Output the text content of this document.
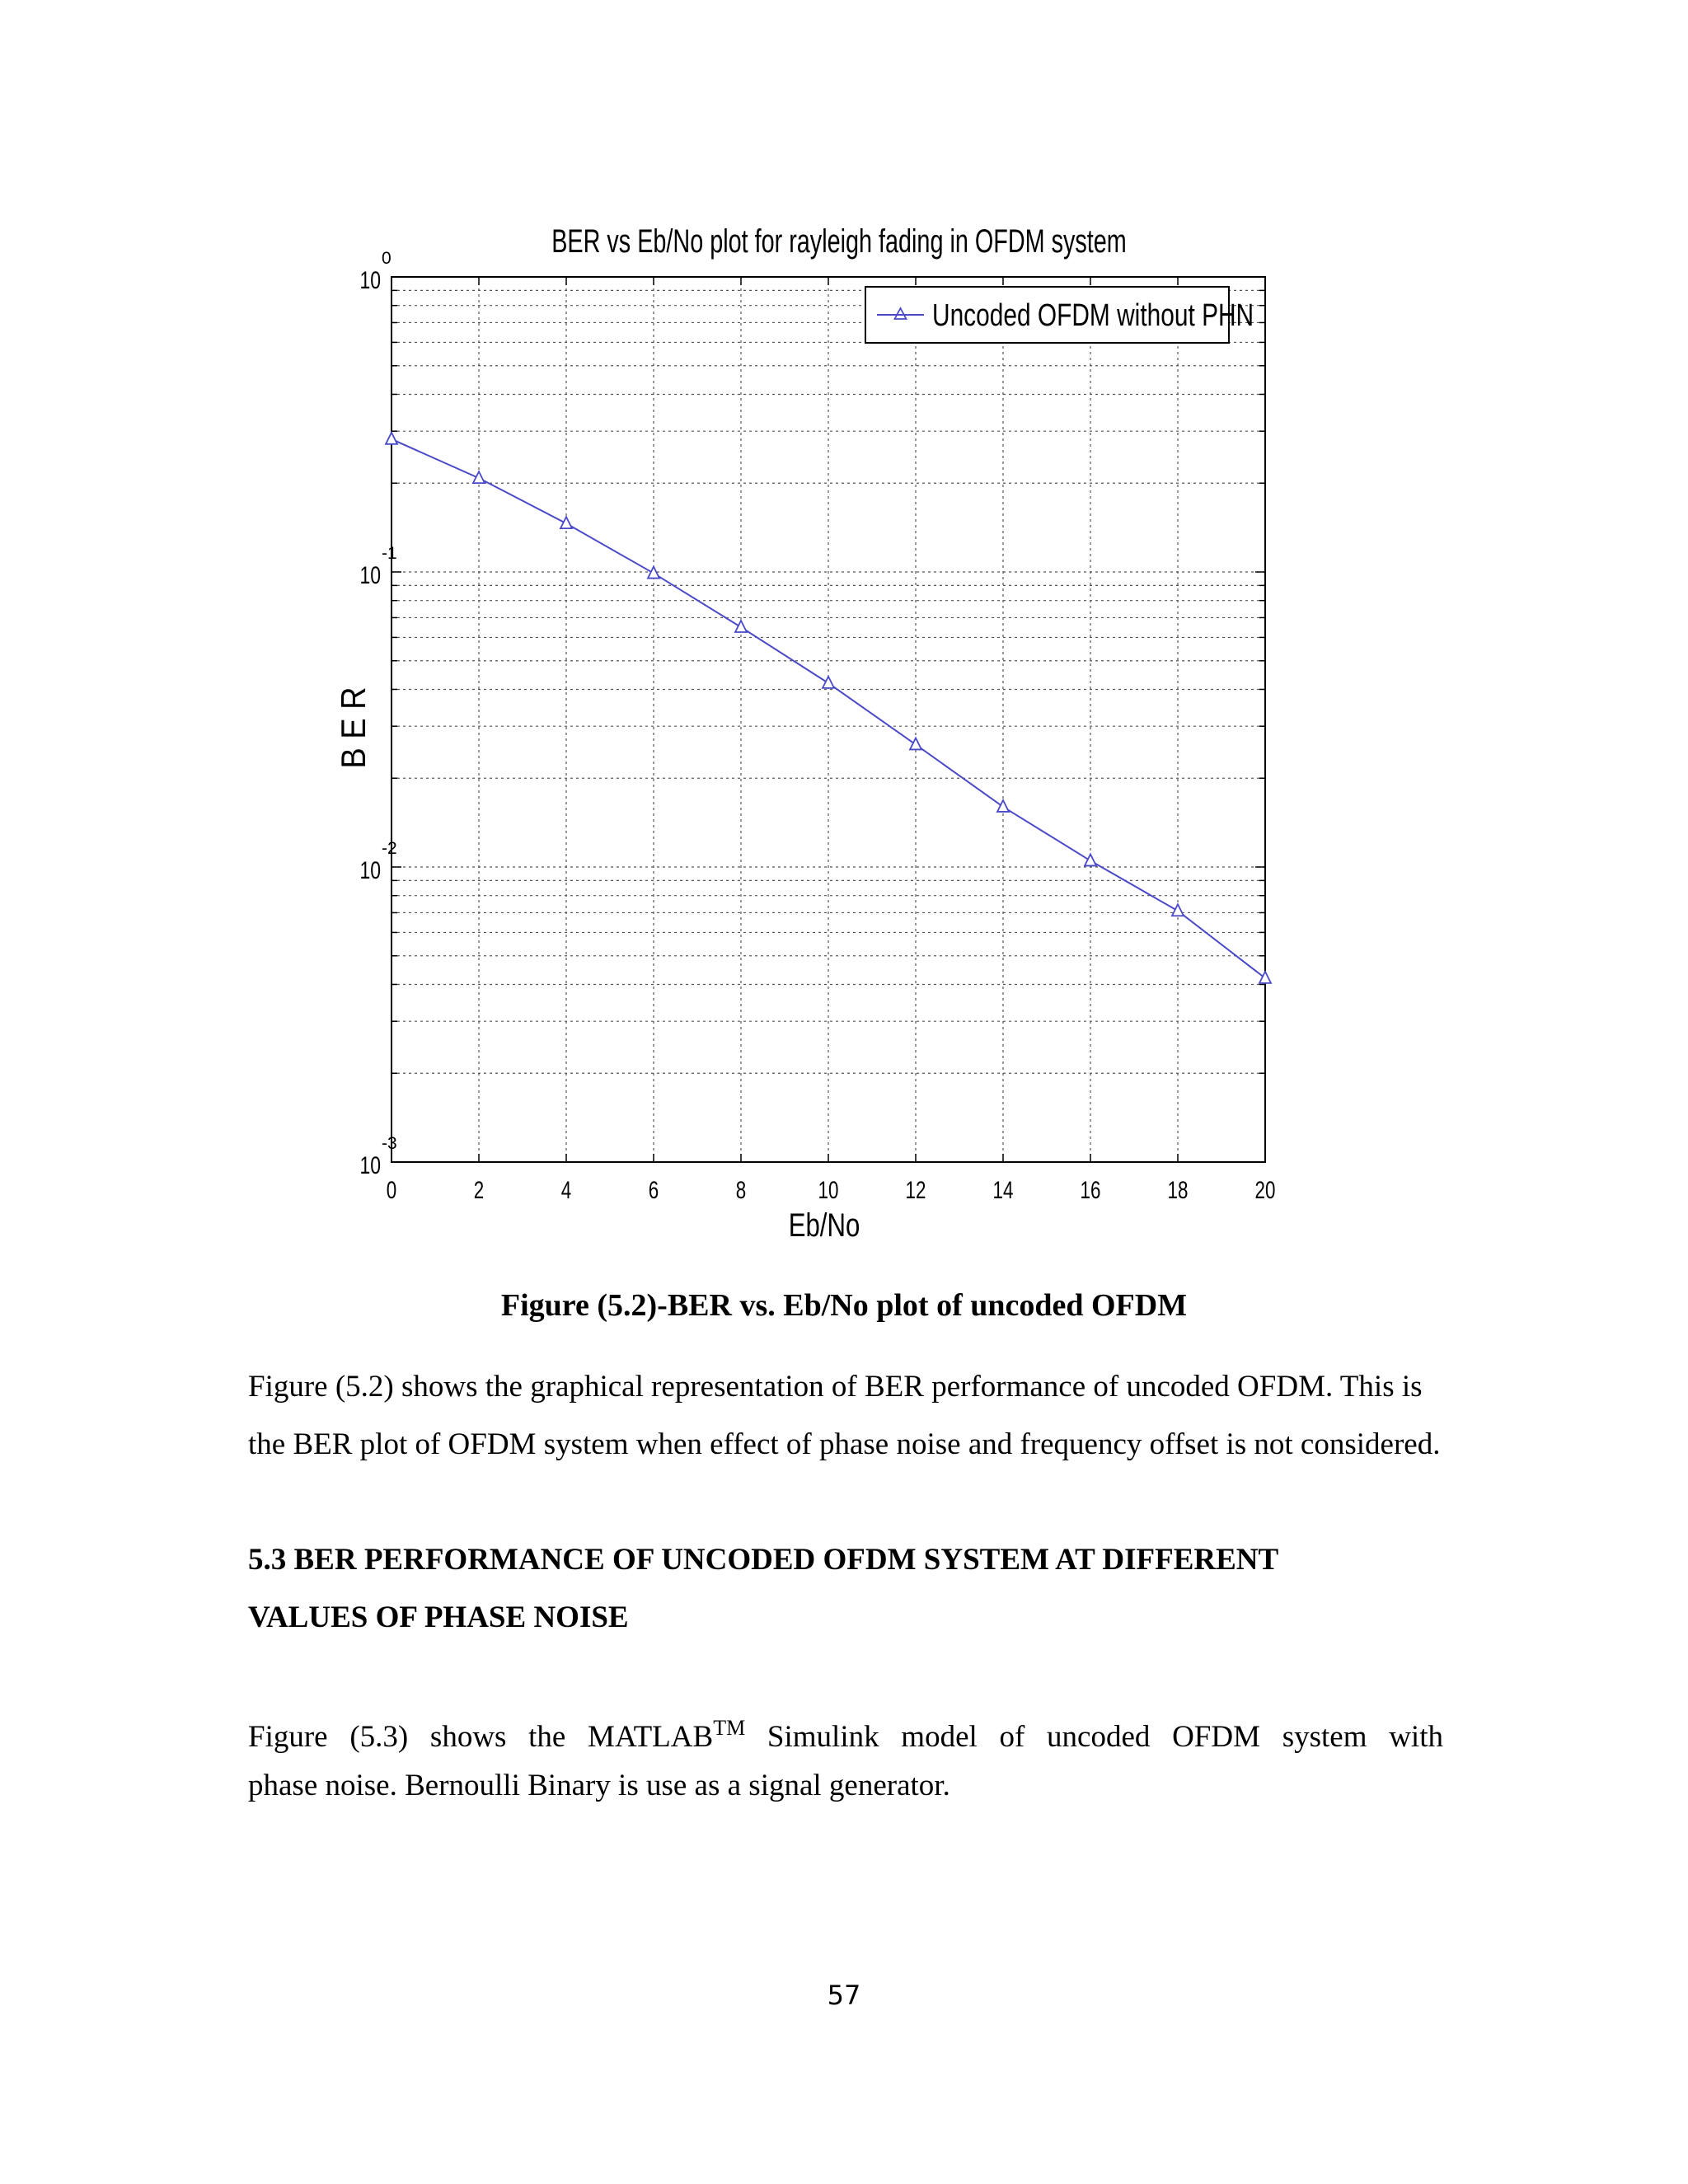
0	2	4	6	8	10	12	14	16	18	20
10
0
10
-1
10
-2
10
-3
BER vs Eb/No plot for rayleigh fading in OFDM system
Eb/No
B E R
Uncoded OFDM without PHN
Figure (5.2)-BER vs. Eb/No plot of uncoded OFDM
Figure (5.2) shows the graphical representation of BER performance of uncoded OFDM. This is the BER plot of OFDM system when effect of phase noise and frequency offset is not considered.
5.3 BER PERFORMANCE OF UNCODED OFDM SYSTEM AT DIFFERENT
VALUES OF PHASE NOISE
Figure (5.3) shows the MATLAB™ Simulink model of uncoded OFDM system with
phase noise. Bernoulli Binary is use as a signal generator.
57
